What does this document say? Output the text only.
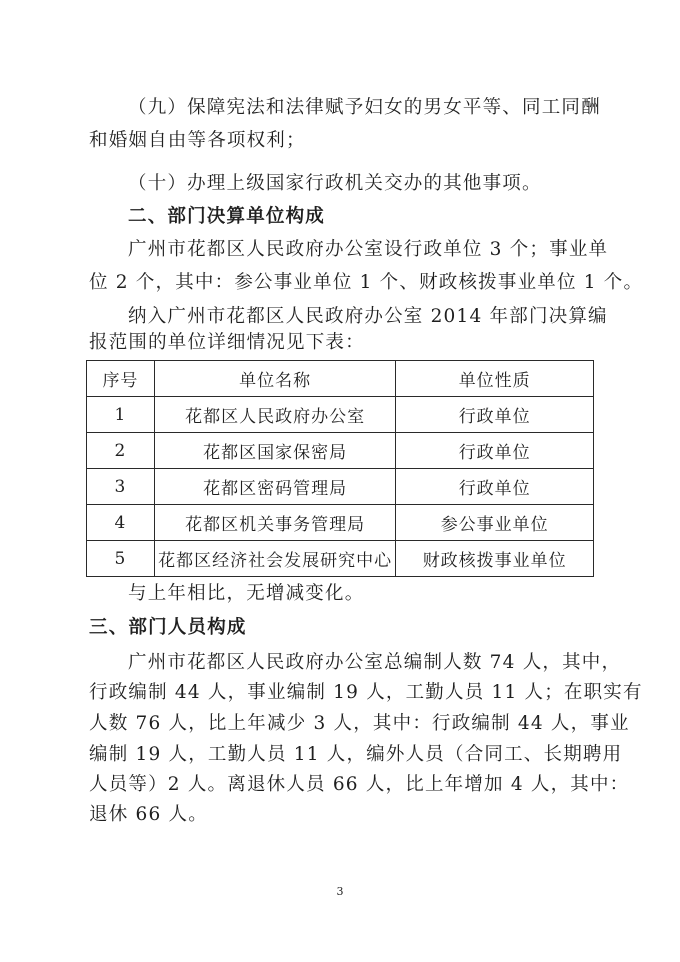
（九）保障宪法和法律赋予妇女的男女平等、同工同酬
和婚姻自由等各项权利；
（十）办理上级国家行政机关交办的其他事项。
二、部门决算单位构成
广州市花都区人民政府办公室设行政单位 3 个；事业单
位 2 个，其中：参公事业单位 1 个、财政核拨事业单位 1 个。
纳入广州市花都区人民政府办公室 2014 年部门决算编
报范围的单位详细情况见下表：
序号	单位名称	单位性质
1	花都区人民政府办公室	行政单位
2	花都区国家保密局	行政单位
3	花都区密码管理局	行政单位
4	花都区机关事务管理局	参公事业单位
5	花都区经济社会发展研究中心	财政核拨事业单位
与上年相比，无增减变化。
三、部门人员构成
广州市花都区人民政府办公室总编制人数 74 人，其中，
行政编制 44 人，事业编制 19 人，工勤人员 11 人；在职实有
人数 76 人，比上年减少 3 人，其中：行政编制 44 人，事业
编制 19 人，工勤人员 11 人，编外人员（合同工、长期聘用
人员等）2 人。离退休人员 66 人，比上年增加 4 人，其中：
退休 66 人。
3
